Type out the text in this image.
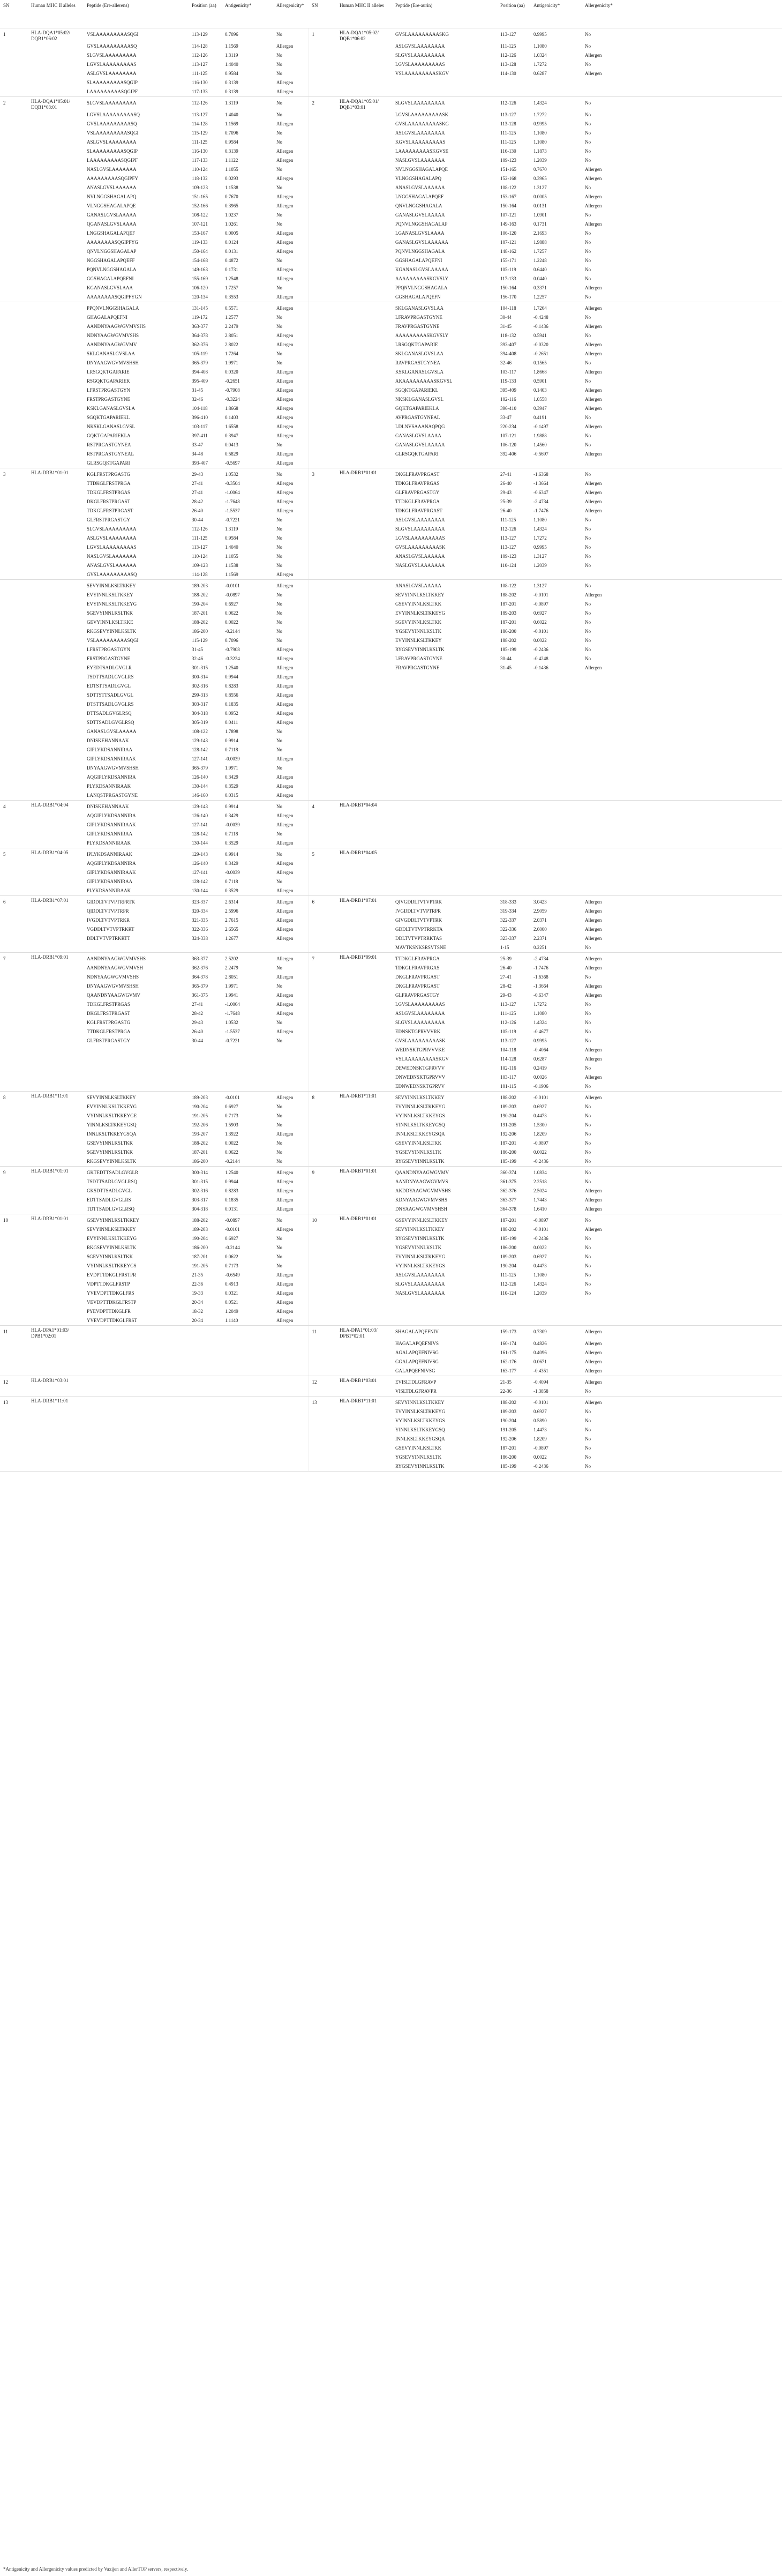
SN	Human MHC II alleles	Peptide (Ere-allerens)	Position (aa)	Antigenicity*	Allergenicity*	SN	Human MHC II alleles	Peptide (Ere-aurin)	Position (aa)	Antigenicity*	Allergenicity*
1	HLA-DQA1*05:02/ DQB1*06:02	VSLAAAAAAAAASQGI	113-129	0.7096	No	1	HLA-DQA1*05:02/ DQB1*06:02	GVSLAAAAAAAAASKG	113-127	0.9995	No
		GVSLAAAAAAAAASQ	114-128	1.1569	Allergen			ASLGVSLAAAAAAAA	111-125	1.1080	No
		SLGVSLAAAAAAAAA	112-126	1.3119	No			SLGVSLAAAAAAAAA	112-126	1.0324	Allergen
		LGVSLAAAAAAAAAS	113-127	1.4040	No			LGVSLAAAAAAAAAS	113-128	1.7272	No
		ASLGVSLAAAAAAAA	111-125	0.9584	No			VSLAAAAAAAAASKGV	114-130	0.6287	Allergen
		SLAAAAAAAAASQGIP	116-130	0.3139	Allergen						
		LAAAAAAAAASQGIPF	117-133	0.3139	Allergen						
2	HLA-DQA1*05:01/ DQB1*03:01	SLGVSLAAAAAAAAA	112-126	1.3119	No	2	HLA-DQA1*05:01/ DQB1*03:01	SLGVSLAAAAAAAAA	112-126	1.4324	No
		LGVSLAAAAAAAAASQ	113-127	1.4040	No			LGVSLAAAAAAAAASK	113-127	1.7272	No
		GVSLAAAAAAAAASQ	114-128	1.1569	Allergen			GVSLAAAAAAAAASKG	113-128	0.9995	No
		VSLAAAAAAAAASQGI	115-129	0.7096	No			ASLGVSLAAAAAAAA	111-125	1.1080	No
		ASLGVSLAAAAAAAA	111-125	0.9584	No			KGVSLAAAAAAAAAS	111-125	1.1080	No
		SLAAAAAAAAASQGIP	116-130	0.3139	Allergen			LAAAAAAAAASKGVSE	116-130	1.1873	No
		LAAAAAAAAASQGIPF	117-133	1.1122	Allergen			NASLGVSLAAAAAAA	109-123	1.2039	No
		NASLGVSLAAAAAAA	110-124	1.1055	No			NVLNGGSHAGALAPQE	151-165	0.7670	Allergen
		AAAAAAAAASQGIPFY	118-132	0.0293	Allergen			VLNGGSHAGALAPQ	152-168	0.3965	Allergen
		ANASLGVSLAAAAAA	109-123	1.1538	No			ANASLGVSLAAAAAA	108-122	1.3127	No
		NVLNGGSHAGALAPQ	151-165	0.7670	Allergen			LNGGSHAGALAPQEF	153-167	0.0005	Allergen
		VLNGGSHAGALAPQE	152-166	0.3965	Allergen			QNVLNGGSHAGALA	150-164	0.0131	Allergen
		GANASLGVSLAAAAA	108-122	1.0237	No			GANASLGVSLAAAAA	107-121	1.0901	No
		QGANASLGVSLAAAA	107-121	1.0261	No			PQNVLNGGSHAGALAP	149-163	0.1731	Allergen
		LNGGSHAGALAPQEF	153-167	0.0005	Allergen			LGANASLGVSLAAAA	106-120	2.1693	No
		AAAAAAAASQGIPFYG	119-133	0.0124	Allergen			GANASLGVSLAAAAAA	107-121	1.9888	No
		QNVLNGGSHAGALAP	150-164	0.0131	Allergen			PQNVLNGGSHAGALA	148-162	1.7257	No
		NGGSHAGALAPQEFF	154-168	0.4872	No			GGSHAGALAPQEFNI	155-171	1.2248	No
		PQNVLNGGSHAGALA	149-163	0.1731	Allergen			KGANASLGVSLAAAAA	105-119	0.6440	No
		GGSHAGALAPQEFNI	155-169	1.2548	Allergen			AAAAAAAAASKGVSLY	117-133	0.0440	No
		KGANASLGVSLAAA	106-120	1.7257	No			PPQNVLNGGSHAGALA	150-164	0.3371	Allergen
		AAAAAAAASQGIPFYGN	120-134	0.3553	Allergen			GGSHAGALAPQEFN	156-170	1.2257	No
		PPQNVLNGGSHAGALA	131-145	0.5571	Allergen			SKLGANASLGVSLAA	104-118	1.7264	Allergen
		GHAGALAPQEFNI	119-172	1.2577	No			LFRAVPRGASTGYNE	30-44	-0.4248	No
		AANDNYAAGWGVMVSHS	363-377	2.2479	No			FRAVPRGASTGYNE	31-45	-0.1436	Allergen
		NDNYAAGWGVMVSHS	364-378	2.8051	Allergen			AAAAAAAAASKGVSLY	118-132	0.5941	No
		AANDNYAAGWGVMV	362-376	2.8022	Allergen			LRSGQKTGAPARIE	393-407	-0.0320	Allergen
		SKLGANASLGVSLAA	105-119	1.7264	No			SKLGANASLGVSLAA	394-408	-0.2651	Allergen
		DNYAAGWGVMVSHSH	365-379	1.9971	No			RAVPRGASTGYNEA	32-46	0.1565	No
		LRSGQKTGAPARIE	394-408	0.0320	Allergen			KSKLGANASLGVSLA	103-117	1.8668	Allergen
		RSGQKTGAPARIEK	395-409	-0.2651	Allergen			AKAAAAAAAAASKGVSL	119-133	0.5901	No
		LFRSTPRGASTGYN	31-45	-0.7908	Allergen			SGQKTGAPARIEKL	395-409	0.1403	Allergen
		FRSTPRGASTGYNE	32-46	-0.3224	Allergen			NKSKLGANASLGVSL	102-116	1.0558	Allergen
		KSKLGANASLGVSLA	104-118	1.8668	Allergen			GQKTGAPARIEKLA	396-410	0.3947	Allergen
		SGQKTGAPARIEKL	396-410	0.1403	Allergen			AVPRGASTGYNEAL	33-47	0.4191	No
		NKSKLGANASLGVSL	103-117	1.6558	Allergen			LDLNVSAAANAQPQG	220-234	-0.1497	Allergen
		GQKTGAPARIEKLA	397-411	0.3947	Allergen			GANASLGVSLAAAA	107-121	1.9888	No
		RSTPRGASTGYNEA	33-47	0.0413	No			GANASLGVSLAAAAA	106-120	1.4560	No
		RSTPRGASTGYNEAL	34-48	0.5829	Allergen			GLRSGQKTGAPARI	392-406	-0.5697	Allergen
		GLRSGQKTGAPARI	393-407	-0.5697	Allergen						
3	HLA-DRB1*01:01	KGLFRSTPRGASTG	29-43	1.0532	No	3	HLA-DRB1*01:01	DKGLFRAVPRGAST	27-41	-1.6368	No
		TTDKGLFRSTPRGA	27-41	-0.3504	Allergen			TDKGLFRAVPRGAS	26-40	-1.3664	Allergen
		TDKGLFRSTPRGAS	27-41	-1.0064	Allergen			GLFRAVPRGASTGY	29-43	-0.6347	Allergen
		DKGLFRSTPRGAST	28-42	-1.7648	Allergen			TTDKGLFRAVPRGA	25-39	-2.4734	Allergen
		TDKGLFRSTPRGAST	26-40	-1.5537	Allergen			TDKGLFRAVPRGAST	26-40	-1.7476	Allergen
		GLFRSTPRGASTGY	30-44	-0.7221	No			ASLGVSLAAAAAAAA	111-125	1.1080	No
		SLGVSLAAAAAAAAA	112-126	1.3119	No			SLGVSLAAAAAAAAA	112-126	1.4324	No
		ASLGVSLAAAAAAAA	111-125	0.9584	No			LGVSLAAAAAAAAAS	113-127	1.7272	No
		LGVSLAAAAAAAAAS	113-127	1.4040	No			GVSLAAAAAAAAASK	113-127	0.9995	No
		NASLGVSLAAAAAAA	110-124	1.1055	No			ANASLGVSLAAAAAA	109-123	1.3127	No
		ANASLGVSLAAAAAA	109-123	1.1538	No			NASLGVSLAAAAAAA	110-124	1.2039	No
		GVSLAAAAAAAAASQ	114-128	1.1569	Allergen						
		SEVYINNLKSLTKKEY	189-203	-0.0101	Allergen			ANASLGVSLAAAAA	108-122	1.3127	No
		EVYINNLKSLTKKEY	188-202	-0.0897	No			SEVYINNLKSLTKKEY	188-202	-0.0101	Allergen
		EVYINNLKSLTKKEYG	190-204	0.6927	No			GSEVYINNLKSLTKK	187-201	-0.0897	No
		SGEVYINNLKSLTKK	187-201	0.0622	No			EVYINNLKSLTKKEYG	189-203	0.6927	No
		GEVYINNLKSLTKKE	188-202	0.0022	No			SGEVYINNLKSLTKK	187-201	0.6022	No
		RKGSEVYINNLKSLTK	186-200	-0.2144	No			YGSEVYINNLKSLTK	186-200	-0.0101	No
		VSLAAAAAAAAASQGI	115-129	0.7096	No			EVYINNLKSLTKKEY	188-202	0.0022	No
		LFRSTPRGASTGYN	31-45	-0.7908	Allergen			RYGSEVYINNLKSLTK	185-199	-0.2436	No
		FRSTPRGASTGYNE	32-46	-0.3224	Allergen			LFRAVPRGASTGYNE	30-44	-0.4248	No
		EYEDTSADLGVGLR	301-315	1.2540	Allergen			FRAVPRGASTGYNE	31-45	-0.1436	Allergen
		TSDTTSADLGVGLRS	300-314	0.9944	Allergen						
		EDTSTTSADLGVGL	302-316	0.8283	Allergen						
		SDTTSTTSADLGVGL	299-313	0.8556	Allergen						
		DTSTTSADLGVGLRS	303-317	0.1835	Allergen						
		DTTSADLGVGLRSQ	304-318	0.0952	Allergen						
		SDTTSADLGVGLRSQ	305-319	0.0411	Allergen						
		GANASLGVSLAAAAA	108-122	1.7898	No						
		DNISKEHANNAAK	129-143	0.9914	No						
		GIPLYKDSANNIRAA	128-142	0.7118	No						
		GIPLYKDSANNIRAAK	127-141	-0.0039	Allergen						
		DNYAAGWGVMVSHSH	365-379	1.9971	No						
		AQGIPLYKDSANNIRA	126-140	0.3429	Allergen						
		PLYKDSANNIRAAK	130-144	0.3529	Allergen						
		LANQSTPRGASTGYNE	146-160	0.0315	Allergen						
4	HLA-DRB1*04:04	DNISKEHANNAAK	129-143	0.9914	No	4	HLA-DRB1*04:04				
		AQGIPLYKDSANNIRA	126-140	0.3429	Allergen						
		GIPLYKDSANNIRAAK	127-141	-0.0039	Allergen						
		GIPLYKDSANNIRAA	128-142	0.7118	No						
		PLYKDSANNIRAAK	130-144	0.3529	Allergen						
5	HLA-DRB1*04:05	IPLYKDSANNIRAAK	129-143	0.9914	No	5	HLA-DRB1*04:05				
		AQGIPLYKDSANNIRA	126-140	0.3429	Allergen						
		GIPLYKDSANNIRAAK	127-141	-0.0039	Allergen						
		GIPLYKDSANNIRAA	128-142	0.7118	No						
		PLYKDSANNIRAAK	130-144	0.3529	Allergen						
6	HLA-DRB1*07:01	GIDDLTVTVPTRPRTK	323-337	2.6314	Allergen	6	HLA-DRB1*07:01	QIVGDDLTVTVPTRK	318-333	3.0423	Allergen
		QIDDLTVTVPTRPR	320-334	2.5996	Allergen			IVGDDLTVTVPTRPR	319-334	2.9059	Allergen
		IVGDLTVTVPTRKR	321-335	2.7615	Allergen			GIVGDDLTVTVPTRK	322-337	2.0371	Allergen
		VGDDLTVTVPTRKRT	322-336	2.6565	Allergen			GDDLTVTVPTRRKTA	322-336	2.6000	Allergen
		DDLTVTVPTRKRTT	324-338	1.2677	Allergen			DDLTVTVPTRRKTAS	323-337	2.2371	Allergen
								MAVTKSNKSRSVTSNE	1-15	0.2251	No
7	HLA-DRB1*09:01	AANDNYAAGWGVMVSHS	363-377	2.5202	Allergen	7	HLA-DRB1*09:01	TTDKGLFRAVPRGA	25-39	-2.4734	Allergen
		AANDNYAAGWGVMVSH	362-376	2.2479	No			TDKGLFRAVPRGAS	26-40	-1.7476	Allergen
		NDNYAAGWGVMVSHS	364-378	2.8051	Allergen			DKGLFRAVPRGAST	27-41	-1.6368	No
		DNYAAGWGVMVSHSH	365-379	1.9971	No			DKGLFRAVPRGAST	28-42	-1.3664	Allergen
		QAANDNYAAGWGVMV	361-375	1.9941	Allergen			GLFRAVPRGASTGY	29-43	-0.6347	Allergen
		TDKGLFRSTPRGAS	27-41	-1.0064	Allergen			LGVSLAAAAAAAAAS	113-127	1.7272	No
		DKGLFRSTPRGAST	28-42	-1.7648	Allergen			ASLGVSLAAAAAAAA	111-125	1.1080	No
		KGLFRSTPRGASTG	29-43	1.0532	No			SLGVSLAAAAAAAAA	112-126	1.4324	No
		TTDKGLFRSTPRGA	26-40	-1.5537	Allergen			EDNSKTGPRVVVRK	105-119	-0.4677	No
		GLFRSTPRGASTGY	30-44	-0.7221	No			GVSLAAAAAAAAASK	113-127	0.9995	No
								WEDNSKTGPRVVVKE	104-118	-0.4064	Allergen
								VSLAAAAAAAAASKGV	114-128	0.6287	Allergen
								DEWEDNSKTGPRVVV	102-116	0.2419	No
								DNWEDNSKTGPRVVV	103-117	0.0026	Allergen
								EDNWEDNSKTGPRVV	101-115	-0.1906	No
8	HLA-DRB1*11:01	SEVYINNLKSLTKKEY	189-203	-0.0101	Allergen	8	HLA-DRB1*11:01	SEVYINNLKSLTKKEY	188-202	-0.0101	Allergen
		EVYINNLKSLTKKEYG	190-204	0.6927	No			EVYINNLKSLTKKEYG	189-203	0.6927	No
		VYINNLKSLTKKEYGE	191-205	0.7173	No			VYINNLKSLTKKEYGS	190-204	0.4473	No
		YINNLKSLTKKEYGSQ	192-206	1.5903	No			YINNLKSLTKKEYGSQ	191-205	1.5300	No
		INNLKSLTKKEYGSQA	193-207	1.3922	Allergen			INNLKSLTKKEYGSQA	192-206	1.8209	No
		GSEVYINNLKSLTKK	188-202	0.0022	No			GSEVYINNLKSLTKK	187-201	-0.0897	No
		SGEVYINNLKSLTKK	187-201	0.0622	No			YGSEVYINNLKSLTK	186-200	0.0022	No
		RKGSEVYINNLKSLTK	186-200	-0.2144	No			RYGSEVYINNLKSLTK	185-199	-0.2436	No
9	HLA-DRB1*01:01	GKTEDTTSADLGVGLR	300-314	1.2540	Allergen	9	HLA-DRB1*01:01	QAANDNYAAGWGVMV	360-374	1.0834	No
		TSDTTSADLGVGLRSQ	301-315	0.9944	Allergen			AANDNYAAGWGVMVS	361-375	2.2518	No
		GKSDTTSADLGVGL	302-316	0.8283	Allergen			AKDDYAAGWGVMVSHS	362-376	2.5024	Allergen
		EDTTSADLGVGLRS	303-317	0.1835	Allergen			KDNYAAGWGVMVSHS	363-377	1.7443	Allergen
		TDTTSADLGVGLRSQ	304-318	0.0131	Allergen			DNYAAGWGVMVSHSH	364-378	1.6410	Allergen
10	HLA-DRB1*01:01	GSEVYINNLKSLTKKEY	188-202	-0.0897	No	10	HLA-DRB1*01:01	GSEVYINNLKSLTKKEY	187-201	-0.0897	No
		SEVYINNLKSLTKKEY	189-203	-0.0101	Allergen			SEVYINNLKSLTKKEY	188-202	-0.0101	Allergen
		EVYINNLKSLTKKEYG	190-204	0.6927	No			RYGSEVYINNLKSLTK	185-199	-0.2436	No
		RKGSEVYINNLKSLTK	186-200	-0.2144	No			YGSEVYINNLKSLTK	186-200	0.0022	No
		SGEVYINNLKSLTKK	187-201	0.0622	No			EVYINNLKSLTKKEYG	189-203	0.6927	No
		VYINNLKSLTKKEYGS	191-205	0.7173	No			VYINNLKSLTKKEYGS	190-204	0.4473	No
		EVDPTTDKGLFRSTPR	21-35	-0.6549	Allergen			ASLGVSLAAAAAAAA	111-125	1.1080	No
		VDPTTDKGLFRSTP	22-36	0.4913	Allergen			SLGVSLAAAAAAAAA	112-126	1.4324	No
		YVEVDPTTDKGLFRS	19-33	0.0321	Allergen			NASLGVSLAAAAAAA	110-124	1.2039	No
		VEVDPTTDKGLFRSTP	20-34	0.0521	Allergen						
		PYEVDPTTDKGLFR	18-32	1.2049	Allergen						
		YVEVDPTTDKGLFRST	20-34	1.1140	Allergen						
11	HLA-DPA1*01:03/ DPB1*02:01					11	HLA-DPA1*01:03/ DPB1*02:01	SHAGALAPQEFNIV	159-173	0.7309	Allergen
								HAGALAPQEFNIVS	160-174	0.4826	Allergen
								AGALAPQEFNIVSG	161-175	0.4096	Allergen
								GGALAPQEFNIVSG	162-176	0.0671	Allergen
								GALAPQEFNIVSG	163-177	-0.4351	Allergen
12	HLA-DRB1*03:01					12	HLA-DRB1*03:01	EVISLTDLGFRAVP	21-35	-0.4094	Allergen
								VISLTDLGFRAVPR	22-36	-1.3858	No
13	HLA-DRB1*11:01					13	HLA-DRB1*11:01	SEVYINNLKSLTKKEY	188-202	-0.0101	Allergen
								EVYINNLKSLTKKEYG	189-203	0.6927	No
								VYINNLKSLTKKEYGS	190-204	0.5890	No
								YINNLKSLTKKEYGSQ	191-205	1.4473	No
								INNLKSLTKKEYGSQA	192-206	1.8209	No
								GSEVYINNLKSLTKK	187-201	-0.0897	No
								YGSEVYINNLKSLTK	186-200	0.0022	No
								RYGSEVYINNLKSLTK	185-199	-0.2436	No
*Antigenicity and Allergenicity values predicted by Vaxijen and AllerTOP servers, respectively.
